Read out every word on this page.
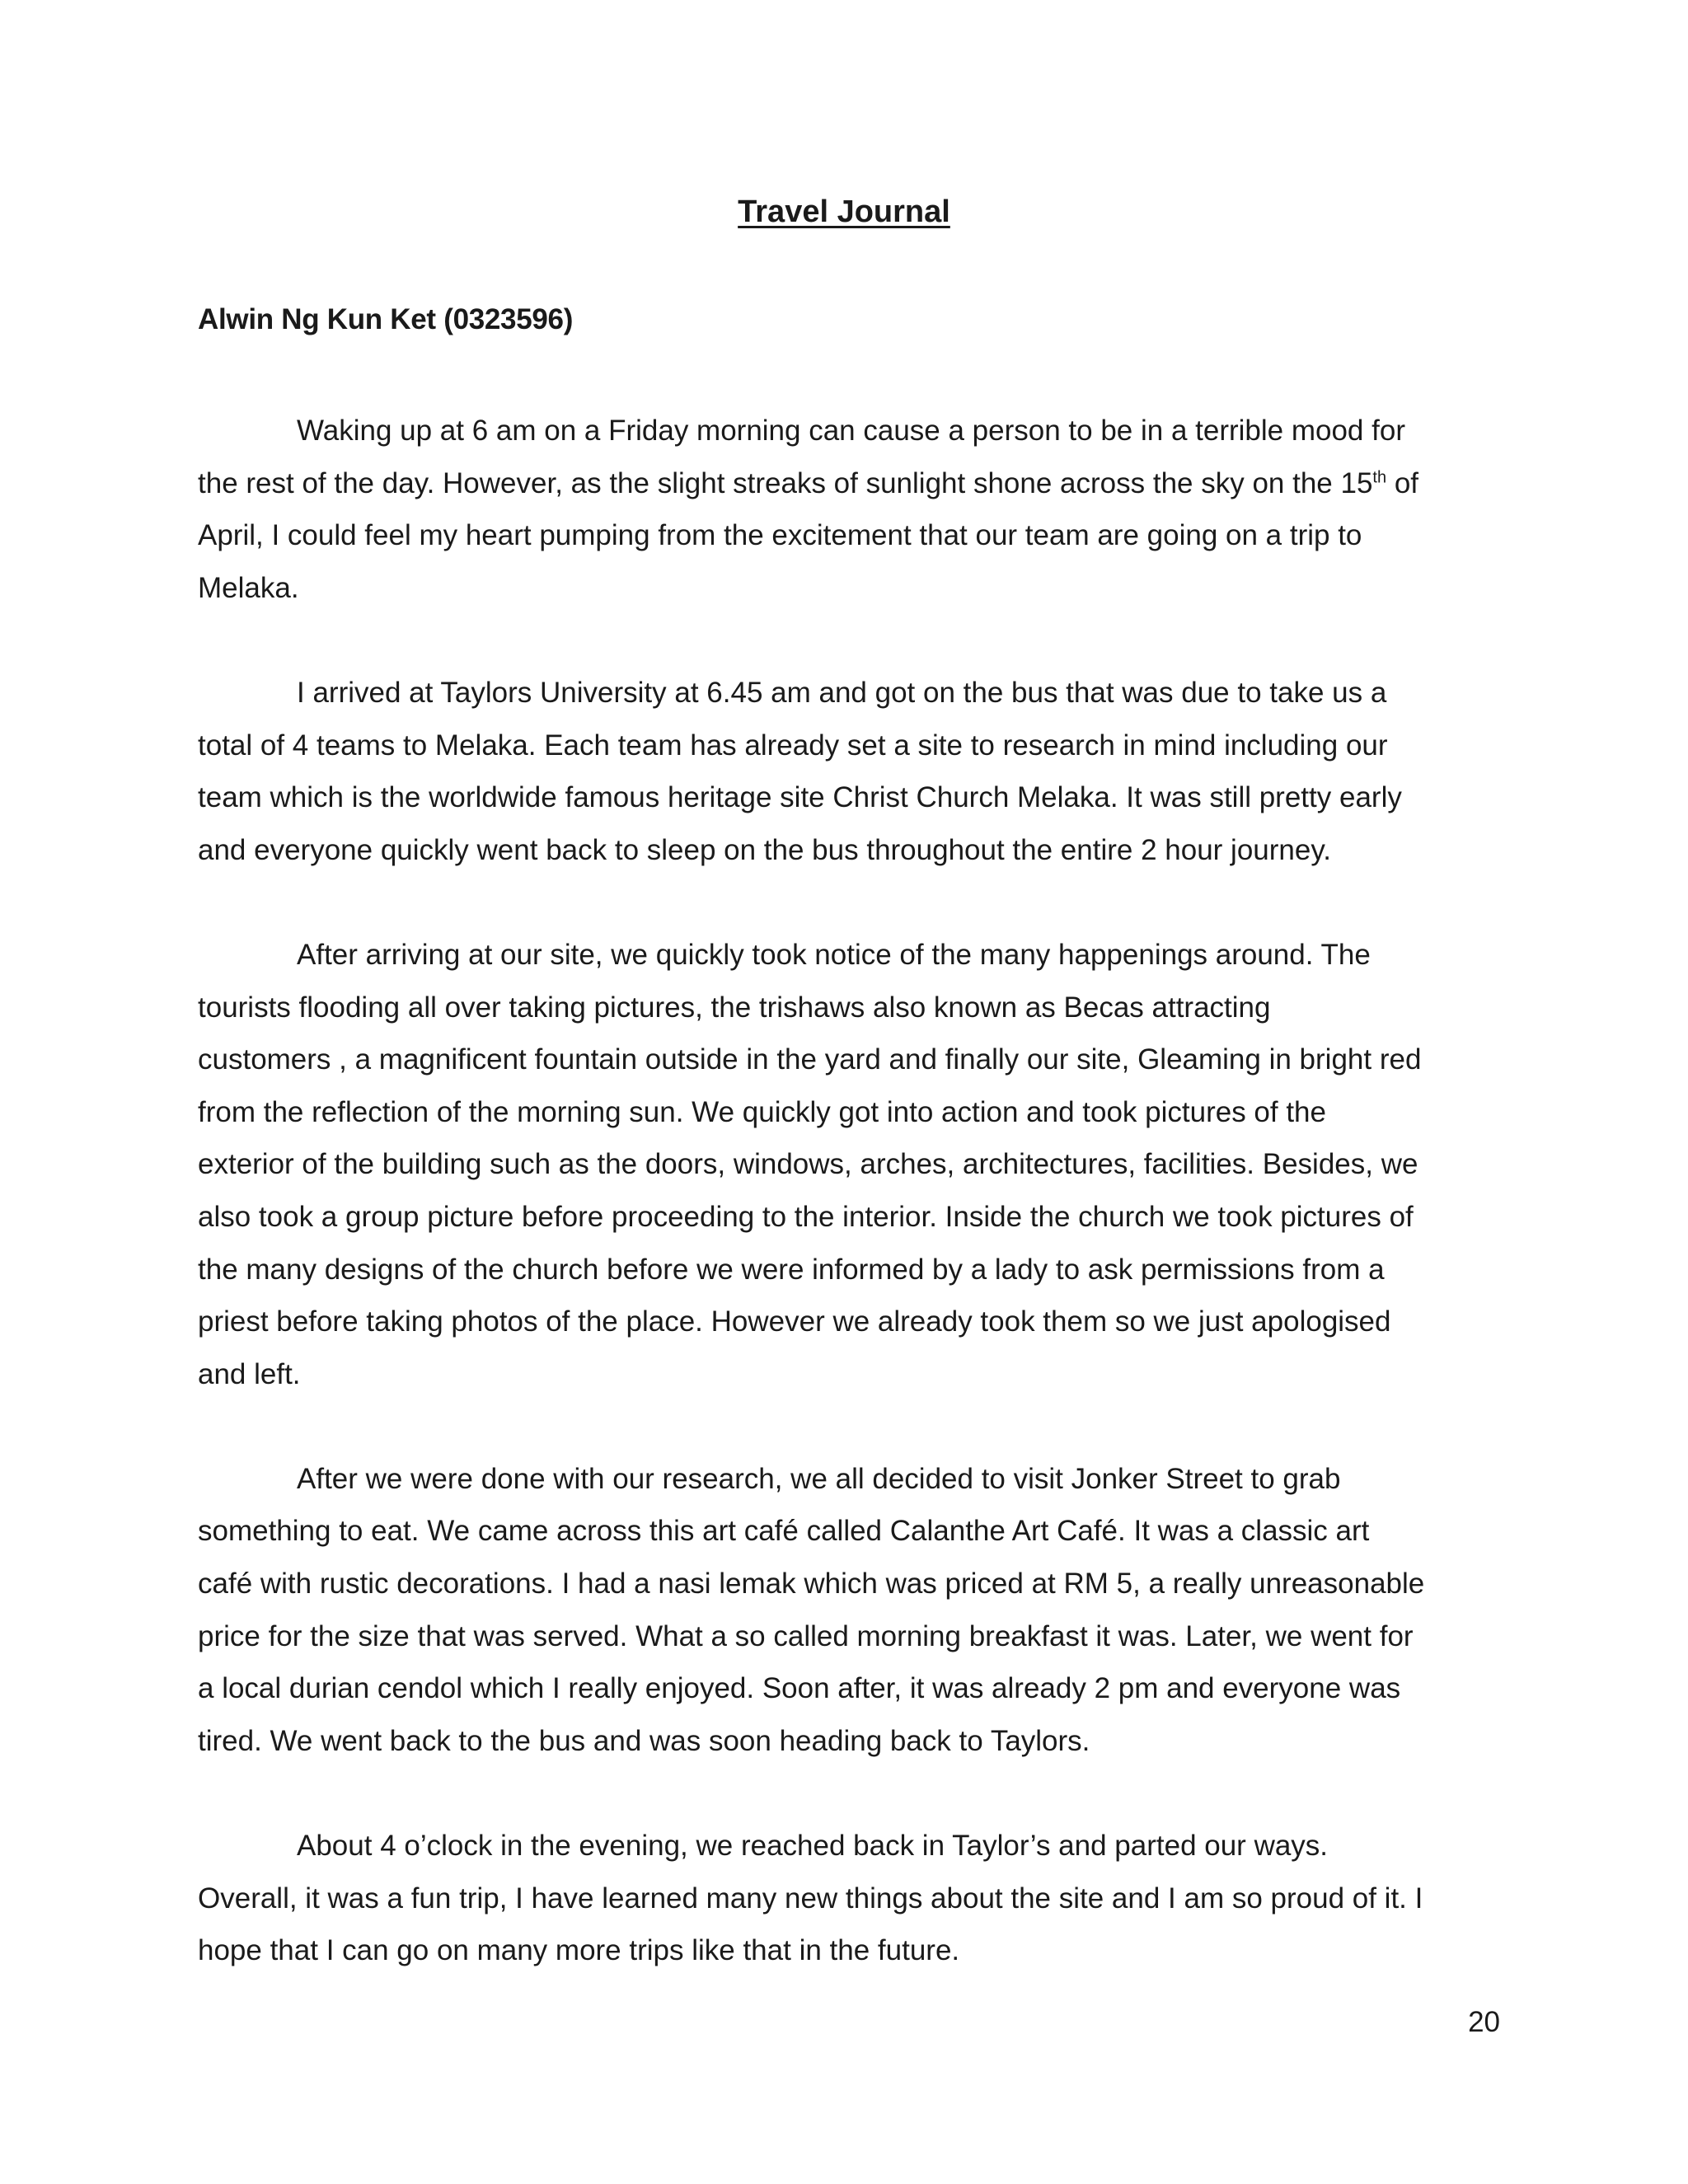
Travel Journal

Alwin Ng Kun Ket (0323596)

Waking up at 6 am on a Friday morning can cause a person to be in a terrible mood for
the rest of the day. However, as the slight streaks of sunlight shone across the sky on the 15th of
April, I could feel my heart pumping from the excitement that our team are going on a trip to
Melaka.

I arrived at Taylors University at 6.45 am and got on the bus that was due to take us a
total of 4 teams to Melaka. Each team has already set a site to research in mind including our
team which is the worldwide famous heritage site Christ Church Melaka. It was still pretty early
and everyone quickly went back to sleep on the bus throughout the entire 2 hour journey.

After arriving at our site, we quickly took notice of the many happenings around. The
tourists flooding all over taking pictures, the trishaws also known as Becas attracting
customers , a magnificent fountain outside in the yard and finally our site, Gleaming in bright red
from the reflection of the morning sun. We quickly got into action and took pictures of the
exterior of the building such as the doors, windows, arches, architectures, facilities. Besides, we
also took a group picture before proceeding to the interior. Inside the church we took pictures of
the many designs of the church before we were informed by a lady to ask permissions from a
priest before taking photos of the place. However we already took them so we just apologised
and left.

After we were done with our research, we all decided to visit Jonker Street to grab
something to eat. We came across this art café called Calanthe Art Café. It was a classic art
café with rustic decorations. I had a nasi lemak which was priced at RM 5, a really unreasonable
price for the size that was served. What a so called morning breakfast it was. Later, we went for
a local durian cendol which I really enjoyed. Soon after, it was already 2 pm and everyone was
tired. We went back to the bus and was soon heading back to Taylors.

About 4 o’clock in the evening, we reached back in Taylor’s and parted our ways.
Overall, it was a fun trip, I have learned many new things about the site and I am so proud of it. I
hope that I can go on many more trips like that in the future.

20
